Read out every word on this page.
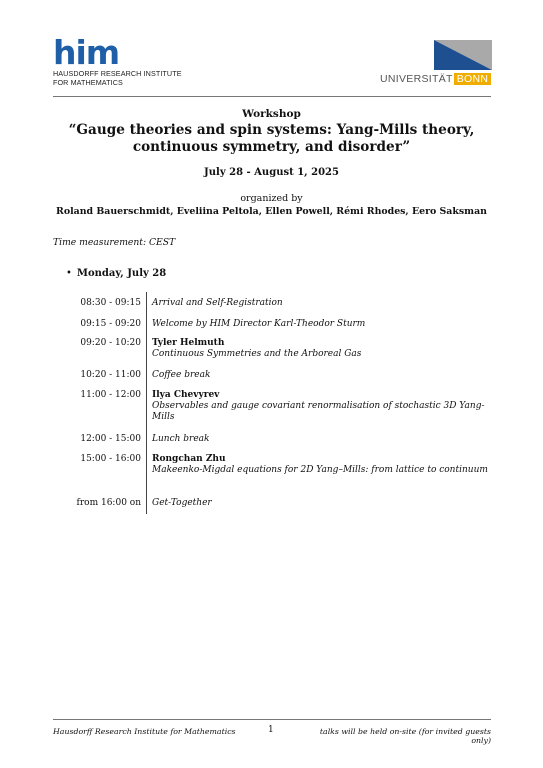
him
HAUSDORFF RESEARCH INSTITUTE
FOR MATHEMATICS	UNIVERSITÄT BONN
Workshop
“Gauge theories and spin systems: Yang-Mills theory, continuous symmetry, and disorder”
July 28 - August 1, 2025
organized by
Roland Bauerschmidt, Eveliina Peltola, Ellen Powell, Rémi Rhodes, Eero Saksman
Time measurement: CEST
• Monday, July 28
08:30 - 09:15 Arrival and Self-Registration
09:15 - 09:20 Welcome by HIM Director Karl-Theodor Sturm
09:20 - 10:20 Tyler Helmuth
Continuous Symmetries and the Arboreal Gas
10:20 - 11:00 Coffee break
11:00 - 12:00 Ilya Chevyrev
Observables and gauge covariant renormalisation of stochastic 3D Yang-Mills
12:00 - 15:00 Lunch break
15:00 - 16:00 Rongchan Zhu
Makeenko-Migdal equations for 2D Yang–Mills: from lattice to continuum
from 16:00 on Get-Together
Hausdorff Research Institute for Mathematics	1	talks will be held on-site (for invited guests only)
